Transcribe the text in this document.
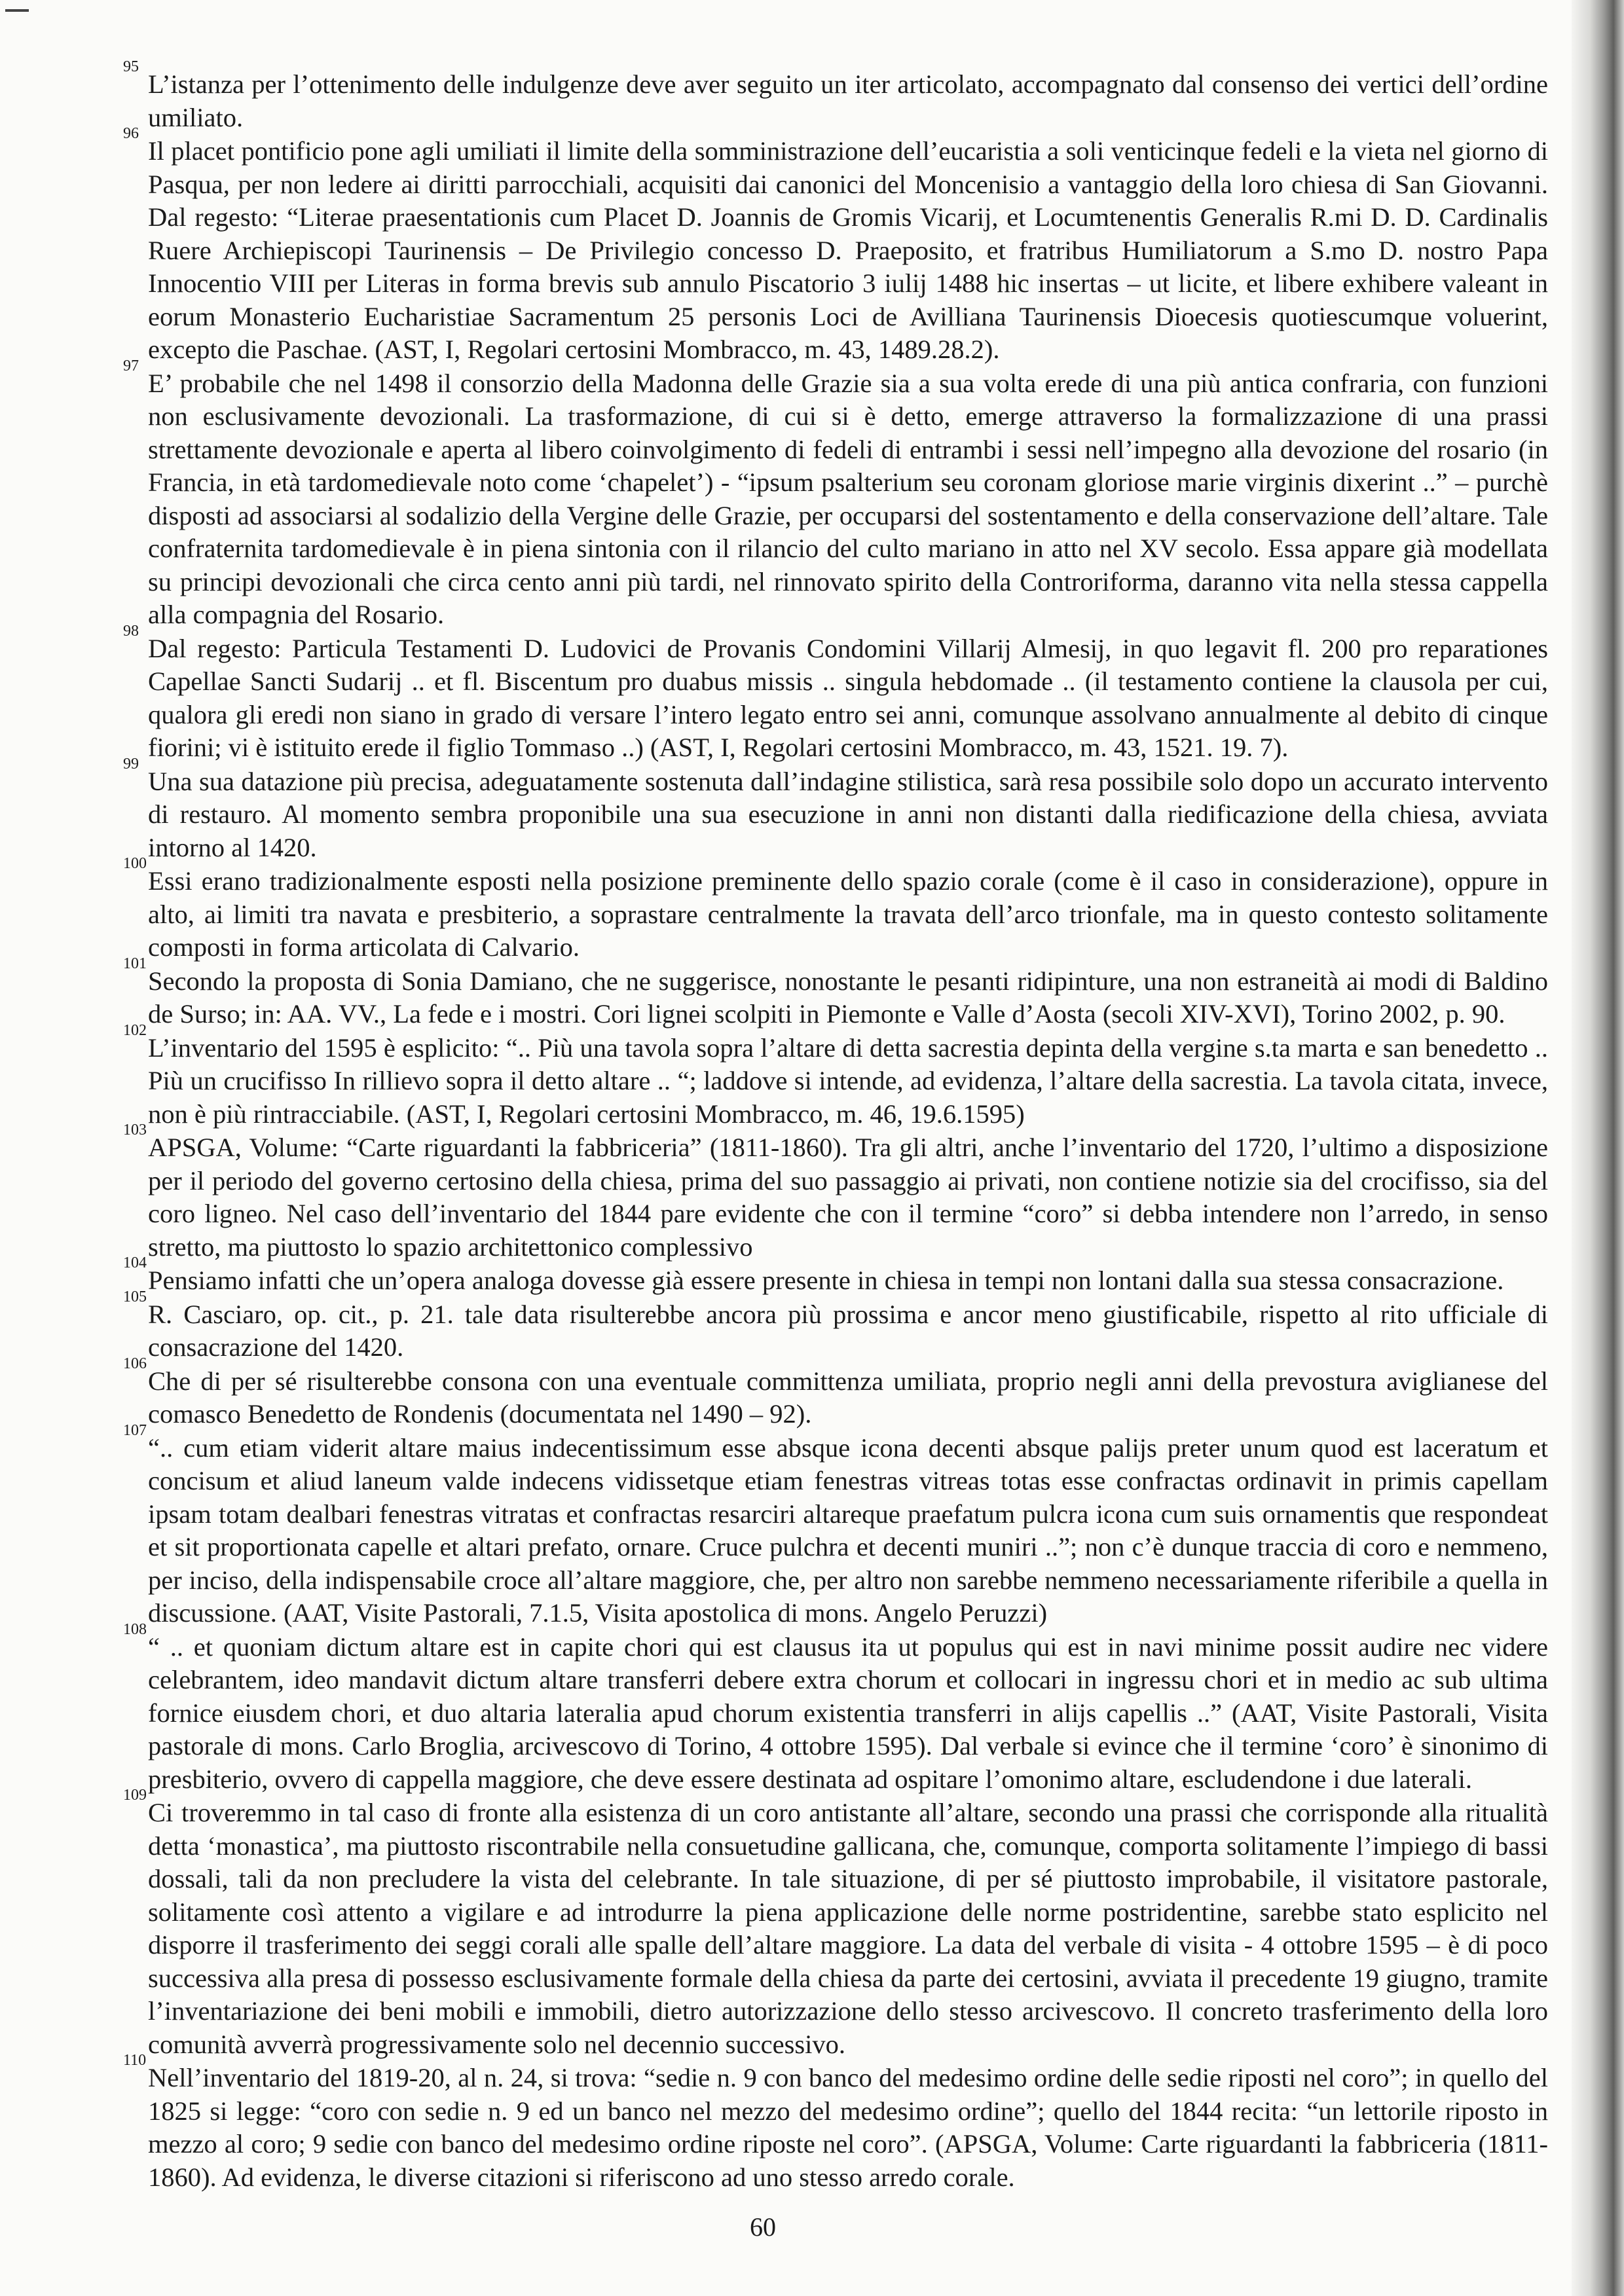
95
L’istanza per l’ottenimento delle indulgenze deve aver seguito un iter articolato, accompagnato dal consenso dei vertici dell’ordine umiliato.
96
Il placet pontificio pone agli umiliati il limite della somministrazione dell’eucaristia a soli venticinque fedeli e la vieta nel giorno di Pasqua, per non ledere ai diritti parrocchiali, acquisiti dai canonici del Moncenisio a vantaggio della loro chiesa di San Giovanni. Dal regesto: “Literae praesentationis cum Placet D. Joannis de Gromis Vicarij, et Locumtenentis Generalis R.mi D. D. Cardinalis Ruere Archiepiscopi Taurinensis – De Privilegio concesso D. Praeposito, et fratribus Humiliatorum a S.mo D. nostro Papa Innocentio VIII per Literas in forma brevis sub annulo Piscatorio 3 iulij 1488 hic insertas – ut licite, et libere exhibere valeant in eorum Monasterio Eucharistiae Sacramentum 25 personis Loci de Avilliana Taurinensis Dioecesis quotiescumque voluerint, excepto die Paschae. (AST, I, Regolari certosini Mombracco, m. 43, 1489.28.2).
97
E’ probabile che nel 1498 il consorzio della Madonna delle Grazie sia a sua volta erede di una più antica confraria, con funzioni non esclusivamente devozionali. La trasformazione, di cui si è detto, emerge attraverso la formalizzazione di una prassi strettamente devozionale e aperta al libero coinvolgimento di fedeli di entrambi i sessi nell’impegno alla devozione del rosario (in Francia, in età tardomedievale noto come ‘chapelet’) - “ipsum psalterium seu coronam gloriose marie virginis dixerint ..” – purchè disposti ad associarsi al sodalizio della Vergine delle Grazie, per occuparsi del sostentamento e della conservazione dell’altare. Tale confraternita tardomedievale è in piena sintonia con il rilancio del culto mariano in atto nel XV secolo. Essa appare già modellata su principi devozionali che circa cento anni più tardi, nel rinnovato spirito della Controriforma, daranno vita nella stessa cappella alla compagnia del Rosario.
98
Dal regesto: Particula Testamenti D. Ludovici de Provanis Condomini Villarij Almesij, in quo legavit fl. 200 pro reparationes Capellae Sancti Sudarij .. et fl. Biscentum pro duabus missis .. singula hebdomade .. (il testamento contiene la clausola per cui, qualora gli eredi non siano in grado di versare l’intero legato entro sei anni, comunque assolvano annualmente al debito di cinque fiorini; vi è istituito erede il figlio Tommaso ..) (AST, I, Regolari certosini Mombracco, m. 43, 1521. 19. 7).
99
Una sua datazione più precisa, adeguatamente sostenuta dall’indagine stilistica, sarà resa possibile solo dopo un accurato intervento di restauro. Al momento sembra proponibile una sua esecuzione in anni non distanti dalla riedificazione della chiesa, avviata intorno al 1420.
100
Essi erano tradizionalmente esposti nella posizione preminente dello spazio corale (come è il caso in considerazione), oppure in alto, ai limiti tra navata e presbiterio, a soprastare centralmente la travata dell’arco trionfale, ma in questo contesto solitamente composti in forma articolata di Calvario.
101
Secondo la proposta di Sonia Damiano, che ne suggerisce, nonostante le pesanti ridipinture, una non estraneità ai modi di Baldino de Surso; in: AA. VV., La fede e i mostri. Cori lignei scolpiti in Piemonte e Valle d’Aosta (secoli XIV-XVI), Torino 2002, p. 90.
102
L’inventario del 1595 è esplicito: “.. Più una tavola sopra l’altare di detta sacrestia depinta della vergine s.ta marta e san benedetto .. Più un crucifisso In rillievo sopra il detto altare .. “; laddove si intende, ad evidenza, l’altare della sacrestia. La tavola citata, invece, non è più rintracciabile. (AST, I, Regolari certosini Mombracco, m. 46, 19.6.1595)
103
APSGA, Volume: “Carte riguardanti la fabbriceria” (1811-1860). Tra gli altri, anche l’inventario del 1720, l’ultimo a disposizione per il periodo del governo certosino della chiesa, prima del suo passaggio ai privati, non contiene notizie sia del crocifisso, sia del coro ligneo. Nel caso dell’inventario del 1844 pare evidente che con il termine “coro” si debba intendere non l’arredo, in senso stretto, ma piuttosto lo spazio architettonico complessivo
104
Pensiamo infatti che un’opera analoga dovesse già essere presente in chiesa in tempi non lontani dalla sua stessa consacrazione.
105
R. Casciaro, op. cit., p. 21. tale data risulterebbe ancora più prossima e ancor meno giustificabile, rispetto al rito ufficiale di consacrazione del 1420.
106
Che di per sé risulterebbe consona con una eventuale committenza umiliata, proprio negli anni della prevostura aviglianese del comasco Benedetto de Rondenis (documentata nel 1490 – 92).
107
“.. cum etiam viderit altare maius indecentissimum esse absque icona decenti absque palijs preter unum quod est laceratum et concisum et aliud laneum valde indecens vidissetque etiam fenestras vitreas totas esse confractas ordinavit in primis capellam ipsam totam dealbari fenestras vitratas et confractas resarciri altareque praefatum pulcra icona cum suis ornamentis que respondeat et sit proportionata capelle et altari prefato, ornare. Cruce pulchra et decenti muniri ..”; non c’è dunque traccia di coro e nemmeno, per inciso, della indispensabile croce all’altare maggiore, che, per altro non sarebbe nemmeno necessariamente riferibile a quella in discussione. (AAT, Visite Pastorali, 7.1.5, Visita apostolica di mons. Angelo Peruzzi)
108
“ .. et quoniam dictum altare est in capite chori qui est clausus ita ut populus qui est in navi minime possit audire nec videre celebrantem, ideo mandavit dictum altare transferri debere extra chorum et collocari in ingressu chori et in medio ac sub ultima fornice eiusdem chori, et duo altaria lateralia apud chorum existentia transferri in alijs capellis ..” (AAT, Visite Pastorali, Visita pastorale di mons. Carlo Broglia, arcivescovo di Torino, 4 ottobre 1595). Dal verbale si evince che il termine ‘coro’ è sinonimo di presbiterio, ovvero di cappella maggiore, che deve essere destinata ad ospitare l’omonimo altare, escludendone i due laterali.
109
Ci troveremmo in tal caso di fronte alla esistenza di un coro antistante all’altare, secondo una prassi che corrisponde alla ritualità detta ‘monastica’, ma piuttosto riscontrabile nella consuetudine gallicana, che, comunque, comporta solitamente l’impiego di bassi dossali, tali da non precludere la vista del celebrante. In tale situazione, di per sé piuttosto improbabile, il visitatore pastorale, solitamente così attento a vigilare e ad introdurre la piena applicazione delle norme postridentine, sarebbe stato esplicito nel disporre il trasferimento dei seggi corali alle spalle dell’altare maggiore. La data del verbale di visita - 4 ottobre 1595 – è di poco successiva alla presa di possesso esclusivamente formale della chiesa da parte dei certosini, avviata il precedente 19 giugno, tramite l’inventariazione dei beni mobili e immobili, dietro autorizzazione dello stesso arcivescovo. Il concreto trasferimento della loro comunità avverrà progressivamente solo nel decennio successivo.
110
Nell’inventario del 1819-20, al n. 24, si trova: “sedie n. 9 con banco del medesimo ordine delle sedie riposti nel coro”; in quello del 1825 si legge: “coro con sedie n. 9 ed un banco nel mezzo del medesimo ordine”; quello del 1844 recita: “un lettorile riposto in mezzo al coro; 9 sedie con banco del medesimo ordine riposte nel coro”. (APSGA, Volume: Carte riguardanti la fabbriceria (1811-1860). Ad evidenza, le diverse citazioni si riferiscono ad uno stesso arredo corale.
60
